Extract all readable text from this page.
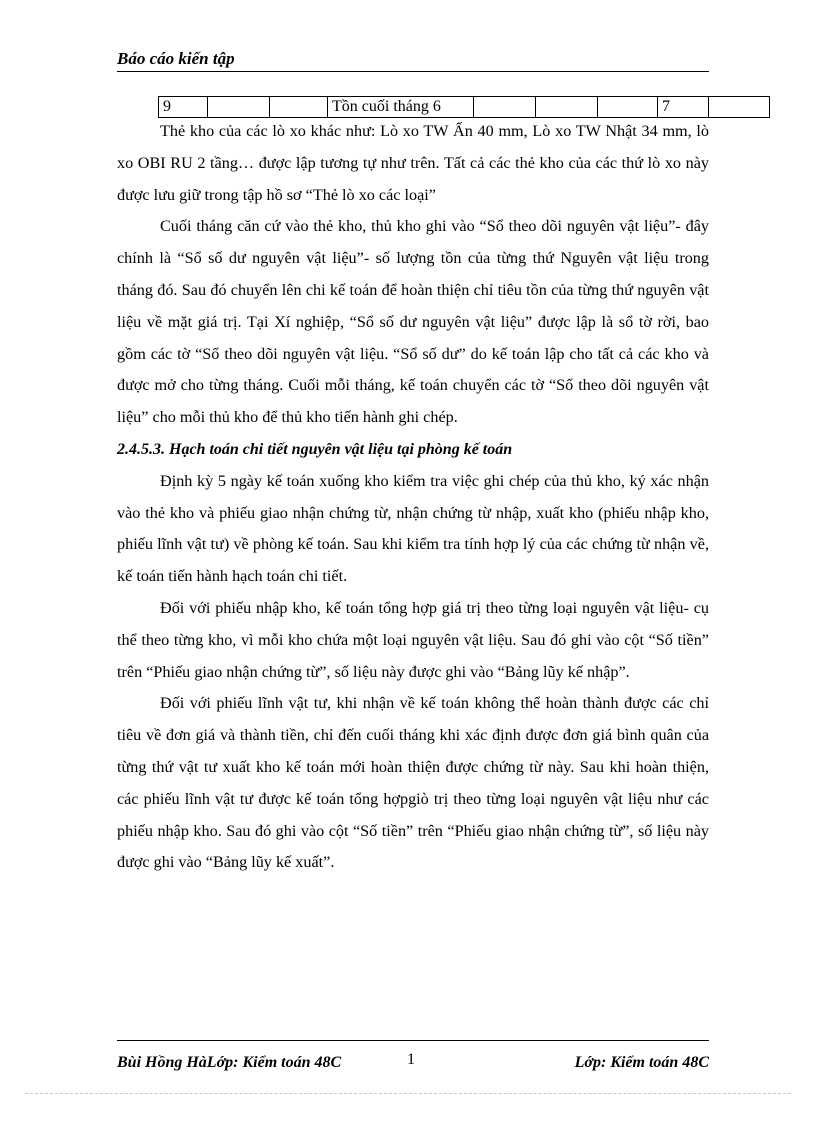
Báo cáo kiến tập
9			Tồn cuối tháng 6				7	

Thẻ kho của các lò xo khác như: Lò xo TW Ấn 40 mm, Lò xo TW Nhật 34 mm, lò xo OBI RU 2 tầng… được lập tương tự như trên. Tất cả các thẻ kho của các thứ lò xo này được lưu giữ trong tập hồ sơ “Thẻ lò xo các loại”

Cuối tháng căn cứ vào thẻ kho, thủ kho ghi vào “Sổ theo dõi nguyên vật liệu”- đây chính là “Sổ số dư nguyên vật liệu”- số lượng tồn của từng thứ Nguyên vật liệu trong tháng đó. Sau đó chuyển lên chi kế toán để hoàn thiện chỉ tiêu tồn của từng thứ nguyên vật liệu về mặt giá trị. Tại Xí nghiệp, “Sổ số dư nguyên vật liệu” được lập là sổ tờ rời, bao gồm các tờ “Sổ theo dõi nguyên vật liệu. “Sổ số dư” do kế toán lập cho tất cả các kho và được mở cho từng tháng. Cuối mỗi tháng, kế toán chuyển các tờ “Sổ theo dõi nguyên vật liệu” cho mỗi thủ kho để thủ kho tiến hành ghi chép.

2.4.5.3. Hạch toán chi tiết nguyên vật liệu tại phòng kế toán

Định kỳ 5 ngày kế toán xuống kho kiểm tra việc ghi chép của thủ kho, ký xác nhận vào thẻ kho và phiếu giao nhận chứng từ, nhận chứng từ nhập, xuất kho (phiếu nhập kho, phiếu lĩnh vật tư) về phòng kế toán. Sau khi kiểm tra tính hợp lý của các chứng từ nhận về, kế toán tiến hành hạch toán chi tiết.

Đối với phiếu nhập kho, kế toán tổng hợp giá trị theo từng loại nguyên vật liệu- cụ thể theo từng kho, vì mỗi kho chứa một loại nguyên vật liệu. Sau đó ghi vào cột “Số tiền” trên “Phiếu giao nhận chứng từ”, số liệu này được ghi vào “Bảng lũy kế nhập”.

Đối với phiếu lĩnh vật tư, khi nhận về kế toán không thể hoàn thành được các chỉ tiêu về đơn giá và thành tiền, chỉ đến cuối tháng khi xác định được đơn giá bình quân của từng thứ vật tư xuất kho kế toán mới hoàn thiện được chứng từ này. Sau khi hoàn thiện, các phiếu lĩnh vật tư được kế toán tổng hợpgiò trị theo từng loại nguyên vật liệu như các phiếu nhập kho. Sau đó ghi vào cột “Số tiền” trên “Phiếu giao nhận chứng từ”, số liệu này được ghi vào “Bảng lũy kế xuất”.

Bùi Hồng HàLớp: Kiểm toán 48C	1	Lớp: Kiểm toán 48C
